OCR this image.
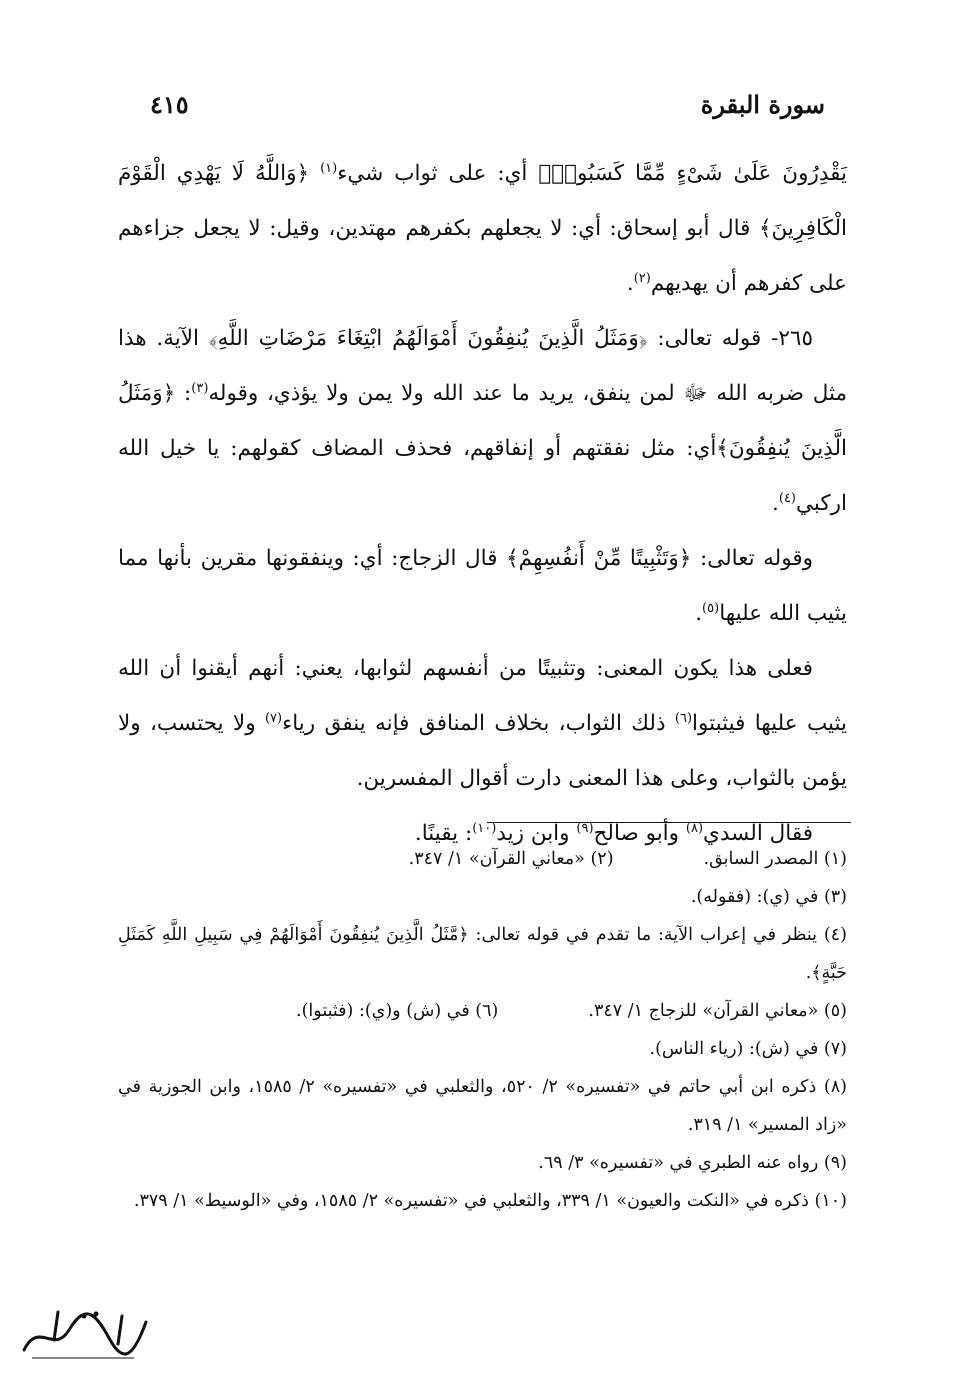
سورة البقرة
٤١٥

يَقْدِرُونَ عَلَىٰ شَىْءٍ مِّمَّا كَسَبُوا۟﴾ أي: على ثواب شيء$^{(١)}$ ﴿وَاللَّهُ لَا يَهْدِي الْقَوْمَ الْكَافِرِينَ﴾ قال أبو إسحاق: أي: لا يجعلهم بكفرهم مهتدين، وقيل: لا يجعل جزاءهم على كفرهم أن يهديهم$^{(٢)}$.

٢٦٥- قوله تعالى: ﴿وَمَثَلُ الَّذِينَ يُنفِقُونَ أَمْوَالَهُمُ ابْتِغَاءَ مَرْضَاتِ اللَّهِ﴾ الآية. هذا مثل ضربه الله ﷻ لمن ينفق، يريد ما عند الله ولا يمن ولا يؤذي، وقوله$^{(٣)}$: ﴿وَمَثَلُ الَّذِينَ يُنفِقُونَ﴾أي: مثل نفقتهم أو إنفاقهم، فحذف المضاف كقولهم: يا خيل الله اركبي$^{(٤)}$.

وقوله تعالى: ﴿وَتَثْبِيتًا مِّنْ أَنفُسِهِمْ﴾ قال الزجاج: أي: وينفقونها مقرين بأنها مما يثيب الله عليها$^{(٥)}$.

فعلى هذا يكون المعنى: وتثبيتًا من أنفسهم لثوابها، يعني: أنهم أيقنوا أن الله يثيب عليها فيثبتوا$^{(٦)}$ ذلك الثواب، بخلاف المنافق فإنه ينفق رياء$^{(٧)}$ ولا يحتسب، ولا يؤمن بالثواب، وعلى هذا المعنى دارت أقوال المفسرين.

فقال السدي$^{(٨)}$ وأبو صالح$^{(٩)}$ وابن زيد$^{(١٠)}$: يقينًا.

(١) المصدر السابق.

(٢) «معاني القرآن» ١/ ٣٤٧.

(٣) في (ي): (فقوله).

(٤) ينظر في إعراب الآية: ما تقدم في قوله تعالى: ﴿مَّثَلُ الَّذِينَ يُنفِقُونَ أَمْوَالَهُمْ فِي سَبِيلِ اللَّهِ كَمَثَلِ حَبَّةٍ﴾.

(٥) «معاني القرآن» للزجاج ١/ ٣٤٧.

(٦) في (ش) و(ي): (فثبتوا).

(٧) في (ش): (رياء الناس).

(٨) ذكره ابن أبي حاتم في «تفسيره» ٢/ ٥٢٠، والثعلبي في «تفسيره» ٢/ ١٥٨٥، وابن الجوزية في «زاد المسير» ١/ ٣١٩.

(٩) رواه عنه الطبري في «تفسيره» ٣/ ٦٩.

(١٠) ذكره في «النكت والعيون» ١/ ٣٣٩، والثعلبي في «تفسيره» ٢/ ١٥٨٥، وفي «الوسيط» ١/ ٣٧٩.
